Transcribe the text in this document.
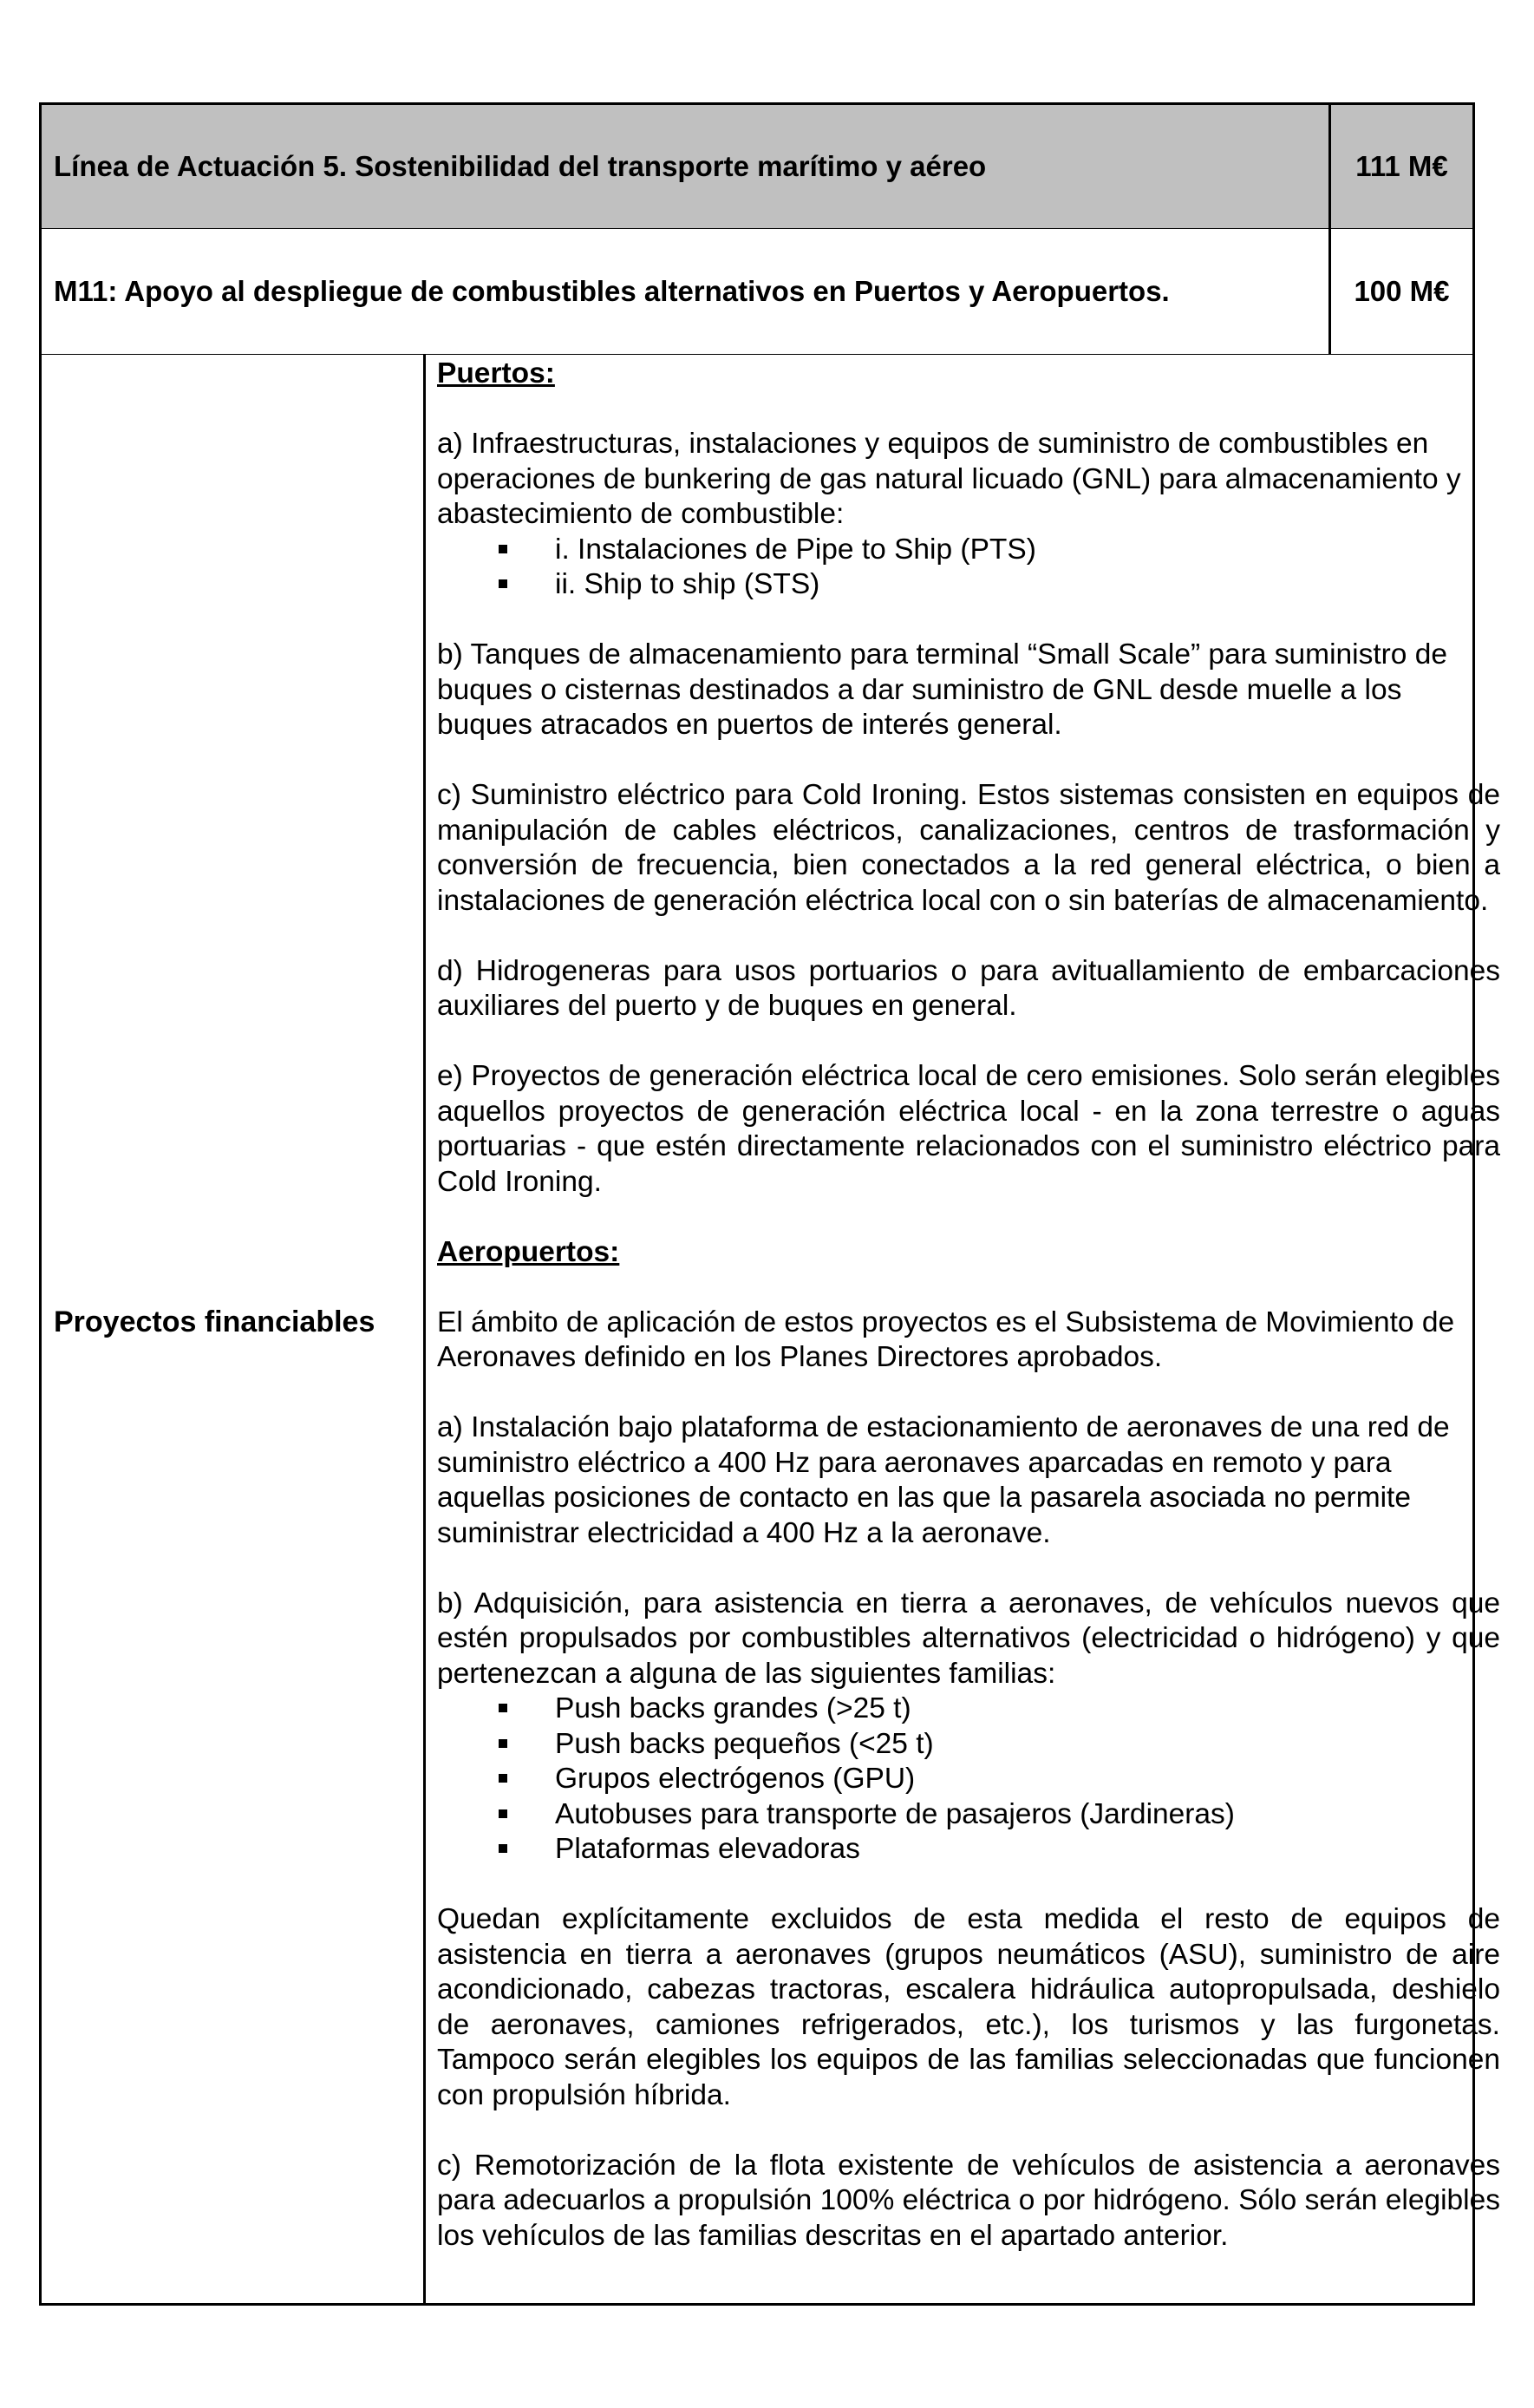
Línea de Actuación 5. Sostenibilidad del transporte marítimo y aéreo	111 M€
M11: Apoyo al despliegue de combustibles alternativos en Puertos y Aeropuertos.	100 M€
Proyectos financiables

Puertos:

a) Infraestructuras, instalaciones y equipos de suministro de combustibles en operaciones de bunkering de gas natural licuado (GNL) para almacenamiento y abastecimiento de combustible:

i. Instalaciones de Pipe to Ship (PTS)
ii. Ship to ship (STS)

b) Tanques de almacenamiento para terminal “Small Scale” para suministro de buques o cisternas destinados a dar suministro de GNL desde muelle a los buques atracados en puertos de interés general.

c) Suministro eléctrico para Cold Ironing. Estos sistemas consisten en equipos de manipulación de cables eléctricos, canalizaciones, centros de trasformación y conversión de frecuencia, bien conectados a la red general eléctrica, o bien a instalaciones de generación eléctrica local con o sin baterías de almacenamiento.

d) Hidrogeneras para usos portuarios o para avituallamiento de embarcaciones auxiliares del puerto y de buques en general.

e) Proyectos de generación eléctrica local de cero emisiones. Solo serán elegibles aquellos proyectos de generación eléctrica local - en la zona terrestre o aguas portuarias - que estén directamente relacionados con el suministro eléctrico para Cold Ironing.

Aeropuertos:

El ámbito de aplicación de estos proyectos es el Subsistema de Movimiento de Aeronaves definido en los Planes Directores aprobados.

a) Instalación bajo plataforma de estacionamiento de aeronaves de una red de suministro eléctrico a 400 Hz para aeronaves aparcadas en remoto y para aquellas posiciones de contacto en las que la pasarela asociada no permite suministrar electricidad a 400 Hz a la aeronave.

b) Adquisición, para asistencia en tierra a aeronaves, de vehículos nuevos que estén propulsados por combustibles alternativos (electricidad o hidrógeno) y que pertenezcan a alguna de las siguientes familias:

Push backs grandes (>25 t)
Push backs pequeños (<25 t)
Grupos electrógenos (GPU)
Autobuses para transporte de pasajeros (Jardineras)
Plataformas elevadoras

Quedan explícitamente excluidos de esta medida el resto de equipos de asistencia en tierra a aeronaves (grupos neumáticos (ASU), suministro de aire acondicionado, cabezas tractoras, escalera hidráulica autopropulsada, deshielo de aeronaves, camiones refrigerados, etc.), los turismos y las furgonetas. Tampoco serán elegibles los equipos de las familias seleccionadas que funcionen con propulsión híbrida.

c) Remotorización de la flota existente de vehículos de asistencia a aeronaves para adecuarlos a propulsión 100% eléctrica o por hidrógeno. Sólo serán elegibles los vehículos de las familias descritas en el apartado anterior.
